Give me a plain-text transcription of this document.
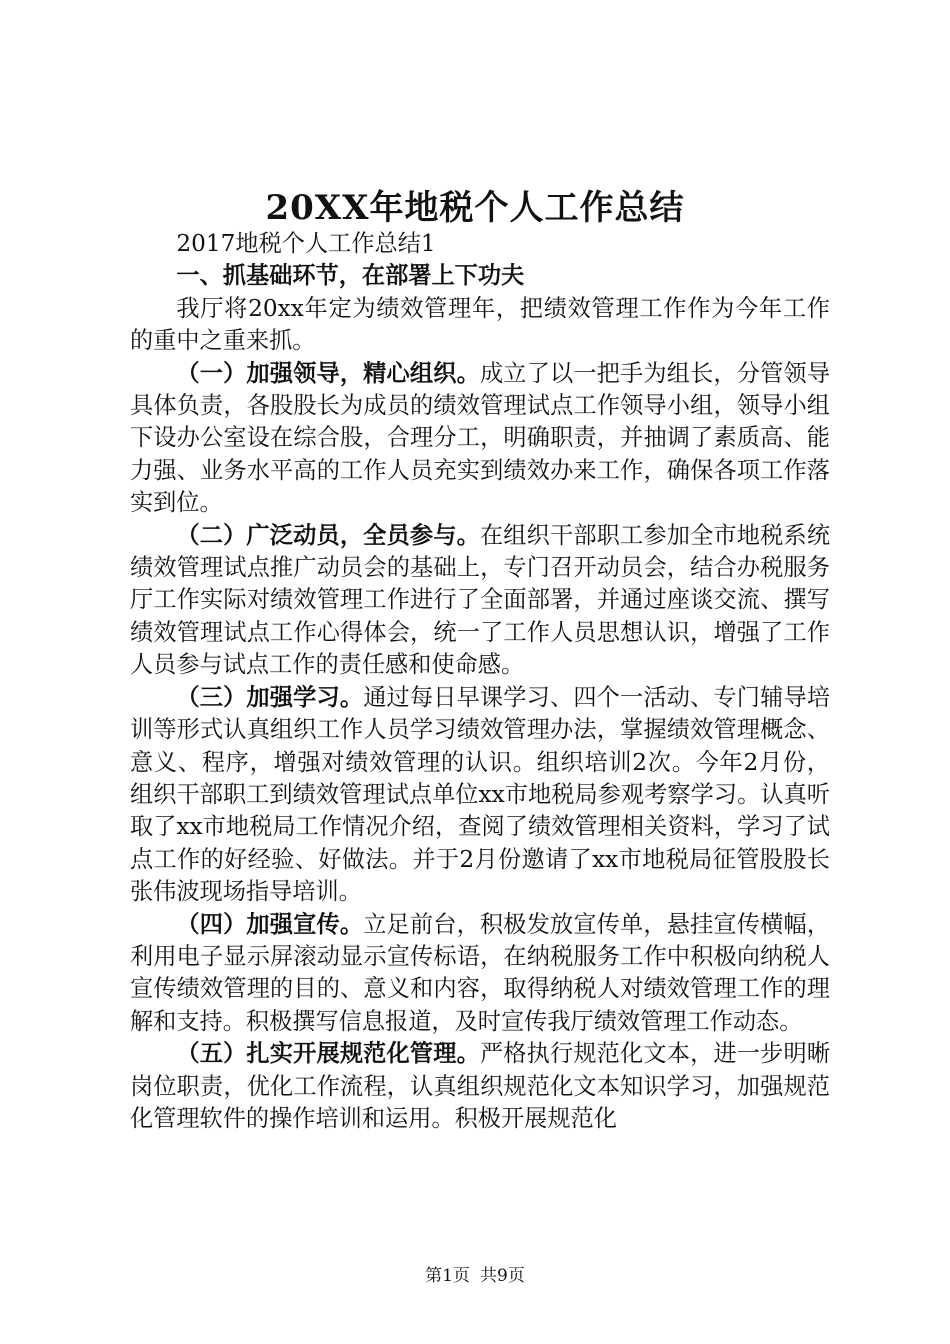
20XX年地税个人工作总结

2017地税个人工作总结1

一、抓基础环节，在部署上下功夫

我厅将20xx年定为绩效管理年，把绩效管理工作作为今年工作的重中之重来抓。

（一）加强领导，精心组织。成立了以一把手为组长，分管领导具体负责，各股股长为成员的绩效管理试点工作领导小组，领导小组下设办公室设在综合股，合理分工，明确职责，并抽调了素质高、能力强、业务水平高的工作人员充实到绩效办来工作，确保各项工作落实到位。

（二）广泛动员，全员参与。在组织干部职工参加全市地税系统绩效管理试点推广动员会的基础上，专门召开动员会，结合办税服务厅工作实际对绩效管理工作进行了全面部署，并通过座谈交流、撰写绩效管理试点工作心得体会，统一了工作人员思想认识，增强了工作人员参与试点工作的责任感和使命感。

（三）加强学习。通过每日早课学习、四个一活动、专门辅导培训等形式认真组织工作人员学习绩效管理办法，掌握绩效管理概念、意义、程序，增强对绩效管理的认识。组织培训2次。今年2月份，组织干部职工到绩效管理试点单位xx市地税局参观考察学习。认真听取了xx市地税局工作情况介绍，查阅了绩效管理相关资料，学习了试点工作的好经验、好做法。并于2月份邀请了xx市地税局征管股股长张伟波现场指导培训。

（四）加强宣传。立足前台，积极发放宣传单，悬挂宣传横幅，利用电子显示屏滚动显示宣传标语，在纳税服务工作中积极向纳税人宣传绩效管理的目的、意义和内容，取得纳税人对绩效管理工作的理解和支持。积极撰写信息报道，及时宣传我厅绩效管理工作动态。

（五）扎实开展规范化管理。严格执行规范化文本，进一步明晰岗位职责，优化工作流程，认真组织规范化文本知识学习，加强规范化管理软件的操作培训和运用。积极开展规范化

第1页 共9页
